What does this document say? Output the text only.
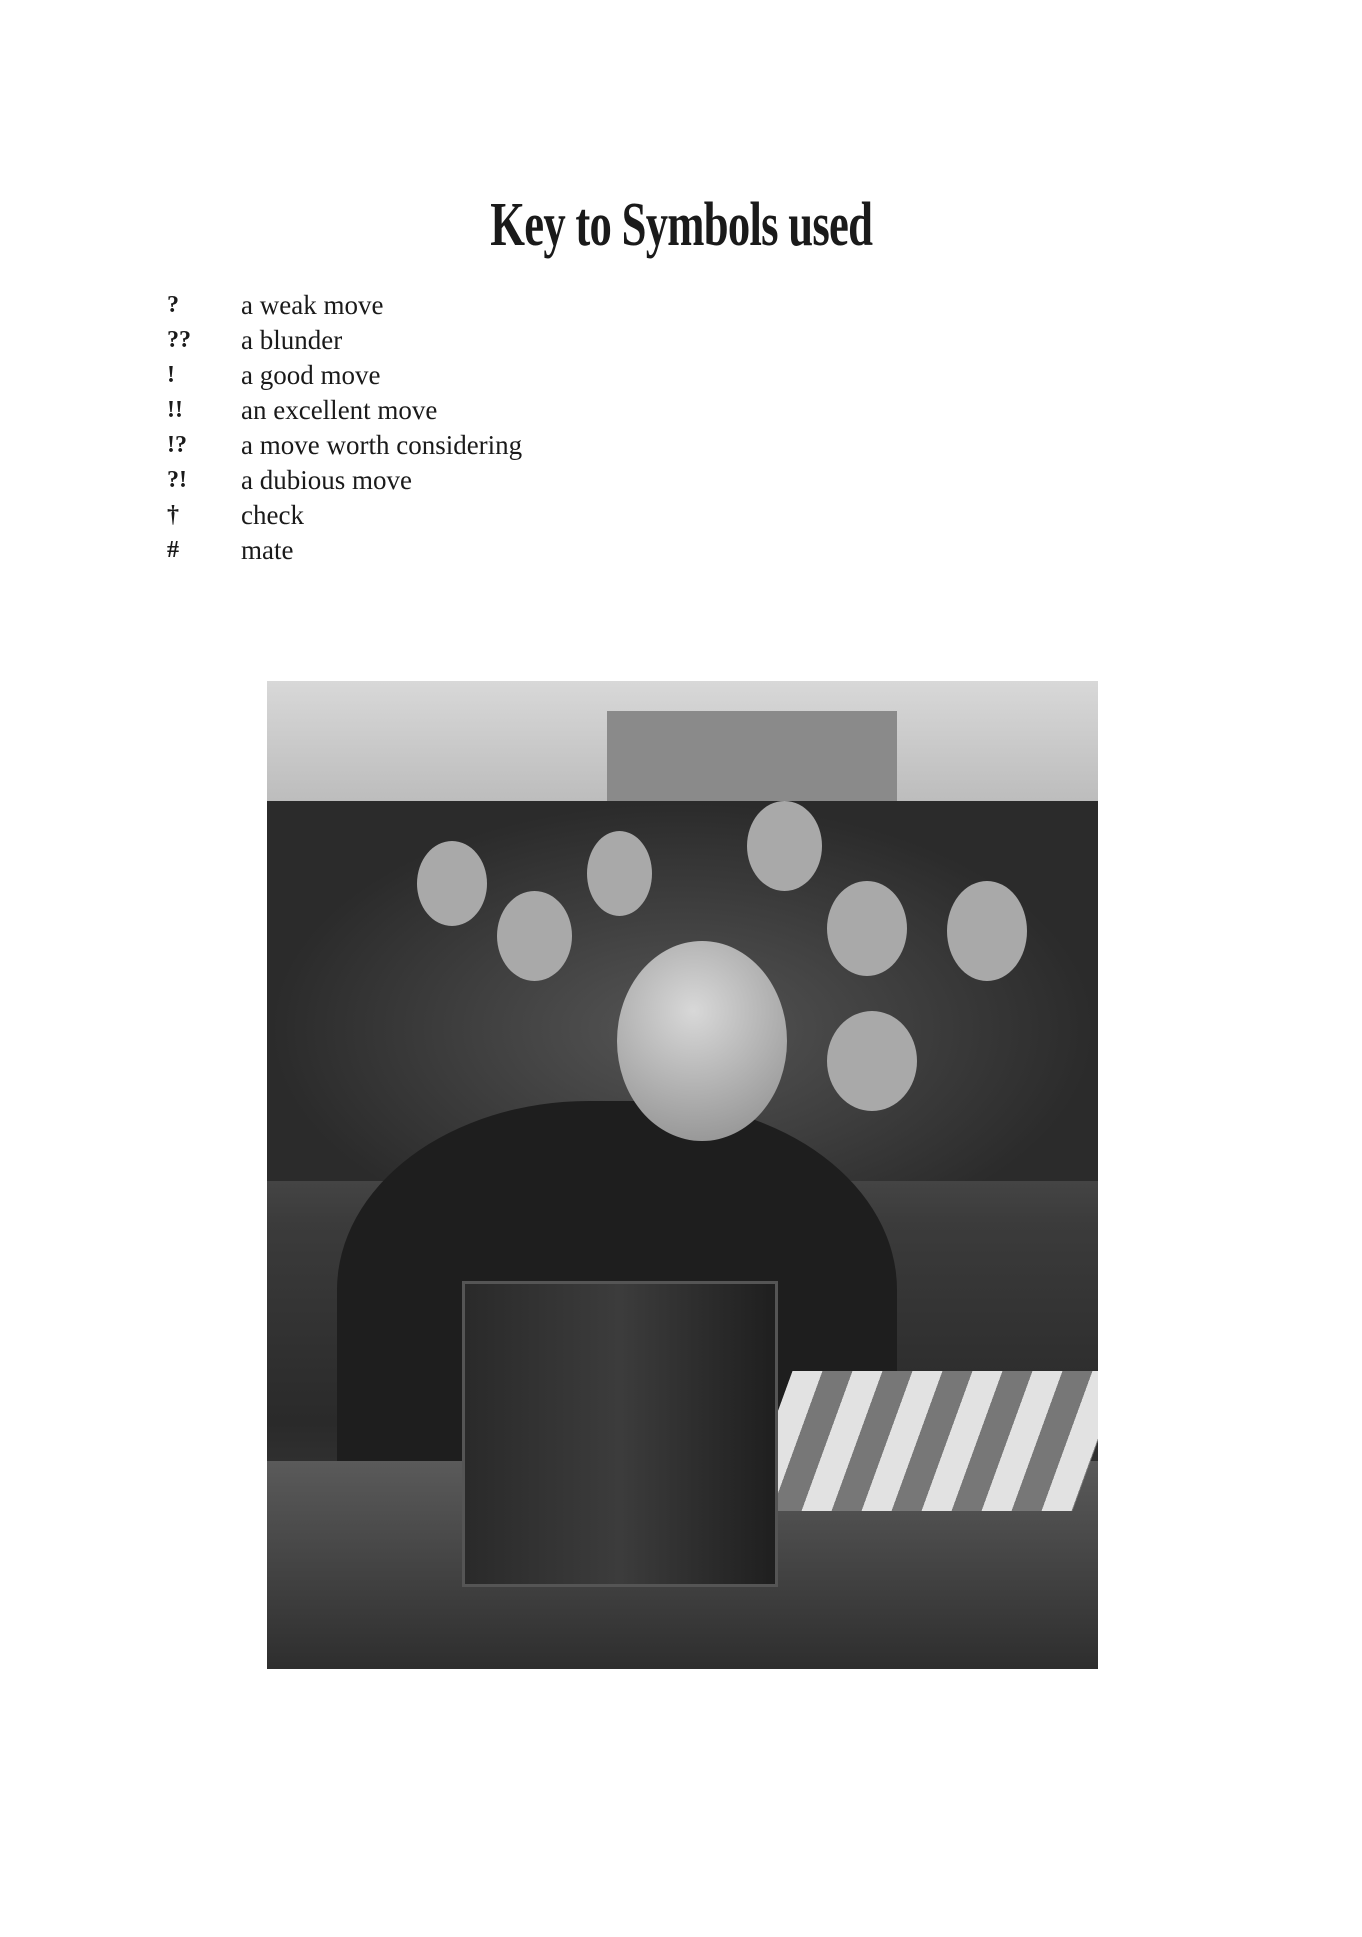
Key to Symbols used
? a weak move
?? a blunder
! a good move
!! an excellent move
!? a move worth considering
?! a dubious move
† check
# mate
